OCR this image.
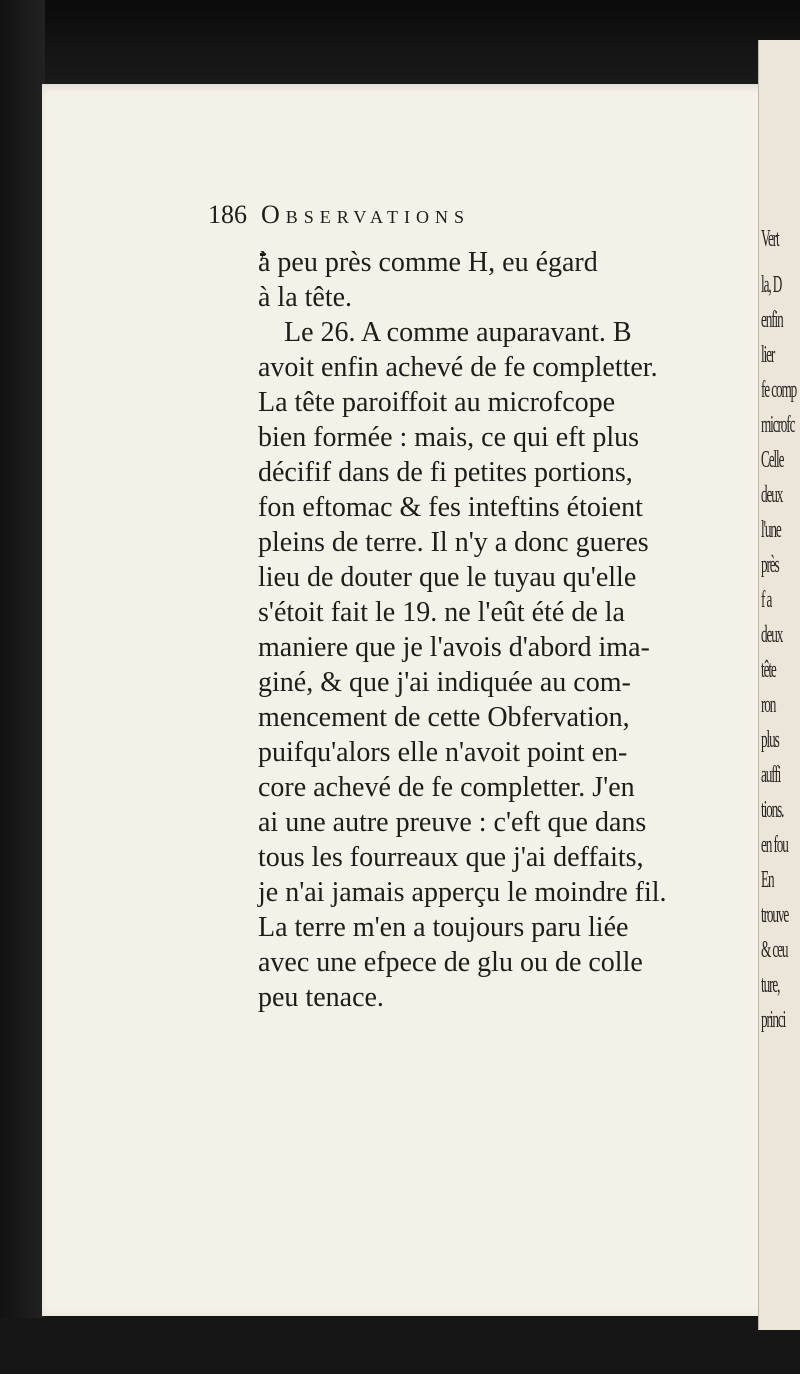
Vert
la, D
enfin
lier
fe comp
microfc
Celle
deux
l'une
près
f a
deux
tête
ron
plus
auffi
tions.
en fou
En
trouve
& ceu
ture,
princi
186 Observations
à peu près comme H, eu égard
à la tête.
Le 26. A comme auparavant. B
avoit enfin achevé de fe completter.
La tête paroiffoit au microfcope
bien formée : mais, ce qui eft plus
décifif dans de fi petites portions,
fon eftomac & fes inteftins étoient
pleins de terre. Il n'y a donc gueres
lieu de douter que le tuyau qu'elle
s'étoit fait le 19. ne l'eût été de la
maniere que je l'avois d'abord ima-
giné, & que j'ai indiquée au com-
mencement de cette Obfervation,
puifqu'alors elle n'avoit point en-
core achevé de fe completter. J'en
ai une autre preuve : c'eft que dans
tous les fourreaux que j'ai deffaits,
je n'ai jamais apperçu le moindre fil.
La terre m'en a toujours paru liée
avec une efpece de glu ou de colle
peu tenace.
